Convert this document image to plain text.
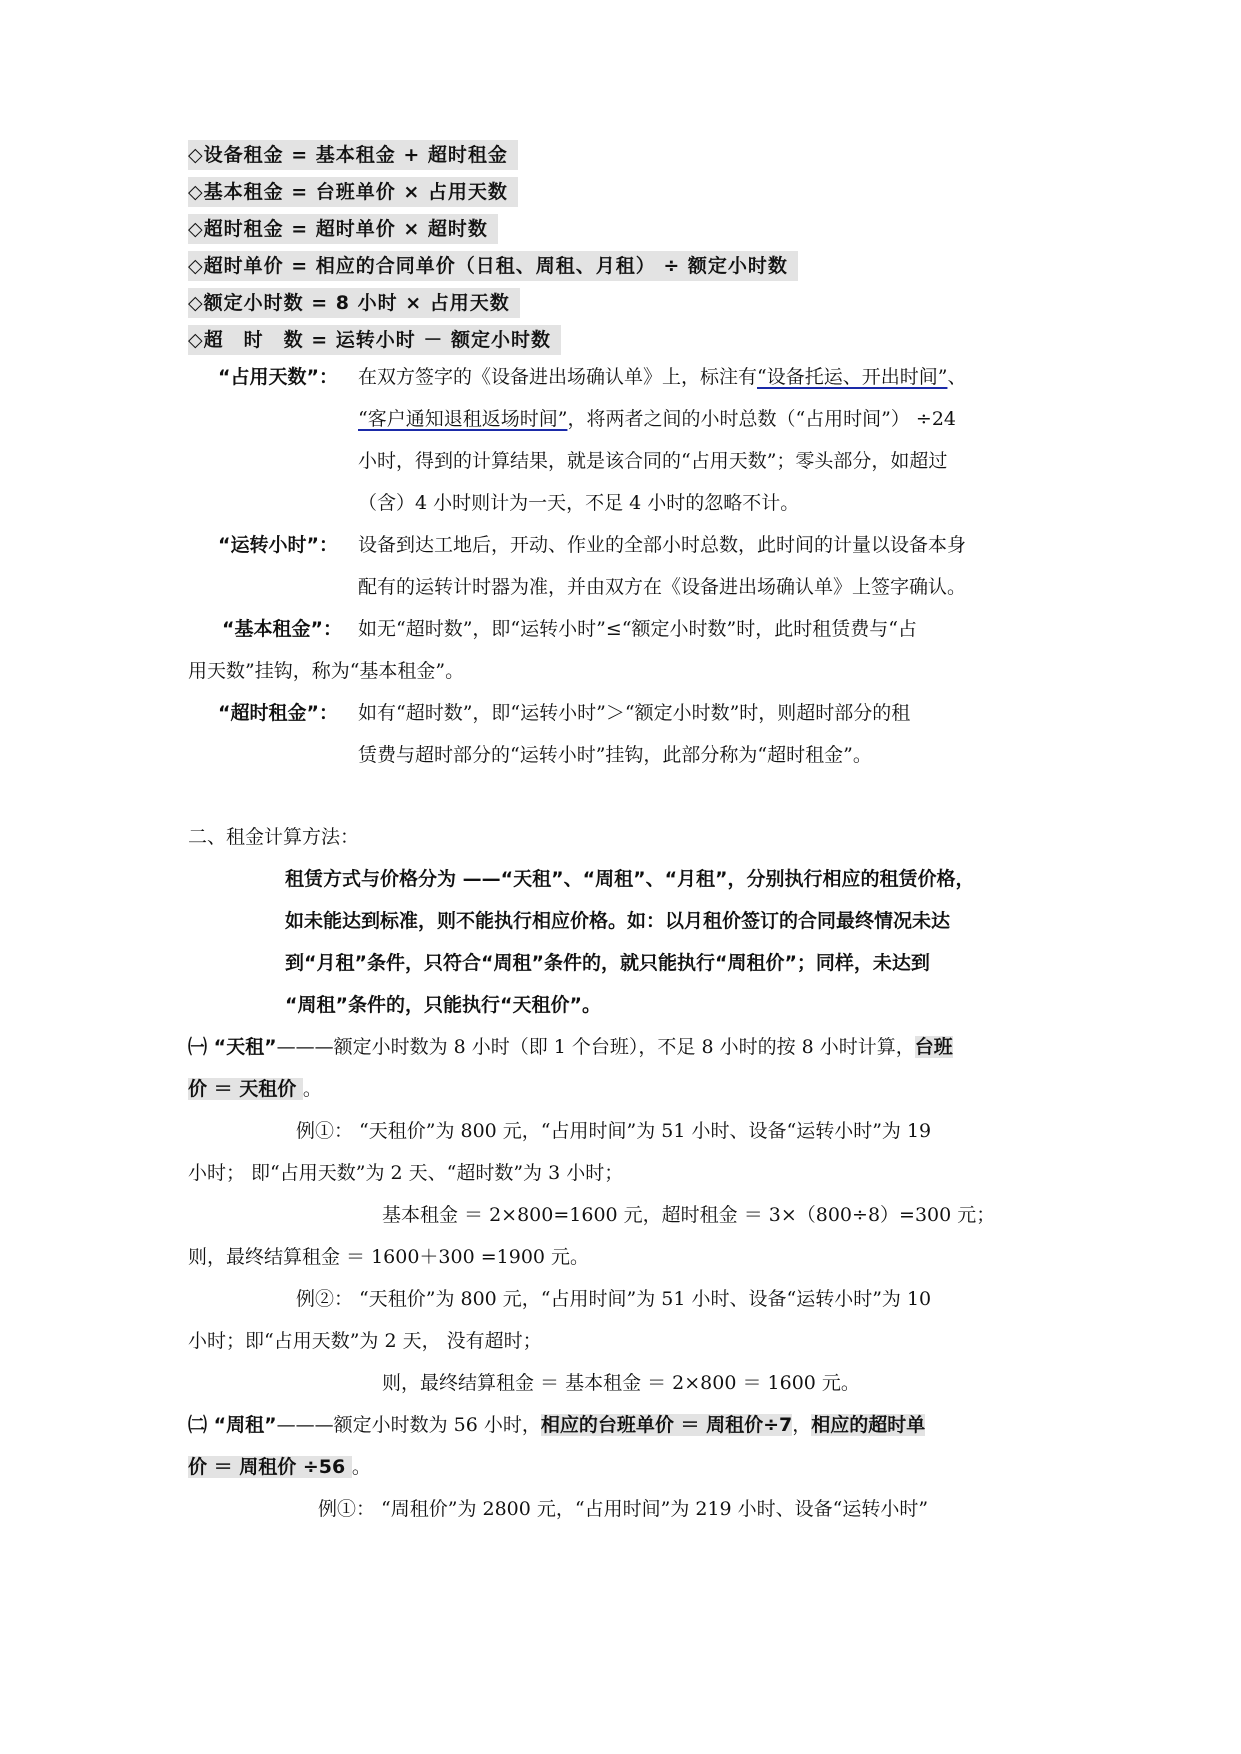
◇设备租金 = 基本租金 + 超时租金
◇基本租金 = 台班单价 × 占用天数
◇超时租金 = 超时单价 × 超时数
◇超时单价 = 相应的合同单价（日租、周租、月租） ÷ 额定小时数
◇额定小时数 = 8 小时 × 占用天数
◇超　时　数 = 运转小时 － 额定小时数
“占用天数”： 在双方签字的《设备进出场确认单》上，标注有“设备托运、开出时间”、
“客户通知退租返场时间”，将两者之间的小时总数（“占用时间”） ÷24
小时，得到的计算结果，就是该合同的“占用天数”；零头部分，如超过
（含）4 小时则计为一天，不足 4 小时的忽略不计。
“运转小时”： 设备到达工地后，开动、作业的全部小时总数，此时间的计量以设备本身
配有的运转计时器为准，并由双方在《设备进出场确认单》上签字确认。
“基本租金”： 如无“超时数”，即“运转小时”≤“额定小时数”时，此时租赁费与“占
用天数”挂钩，称为“基本租金”。
“超时租金”： 如有“超时数”，即“运转小时”＞“额定小时数”时，则超时部分的租
赁费与超时部分的“运转小时”挂钩，此部分称为“超时租金”。
二、租金计算方法：
租赁方式与价格分为 ——“天租”、“周租”、“月租”，分别执行相应的租赁价格，
如未能达到标准，则不能执行相应价格。如：以月租价签订的合同最终情况未达
到“月租”条件，只符合“周租”条件的，就只能执行“周租价”；同样，未达到
“周租”条件的，只能执行“天租价”。
㈠ “天租”———额定小时数为 8 小时（即 1 个台班），不足 8 小时的按 8 小时计算，台班
价 ＝ 天租价 。
例①： “天租价”为 800 元，“占用时间”为 51 小时、设备“运转小时”为 19
小时； 即“占用天数”为 2 天、“超时数”为 3 小时；
基本租金 ＝ 2×800=1600 元，超时租金 ＝ 3×（800÷8）=300 元；
则，最终结算租金 ＝ 1600＋300 =1900 元。
例②： “天租价”为 800 元，“占用时间”为 51 小时、设备“运转小时”为 10
小时；即“占用天数”为 2 天， 没有超时；
则，最终结算租金 ＝ 基本租金 ＝ 2×800 ＝ 1600 元。
㈡ “周租”———额定小时数为 56 小时，相应的台班单价 ＝ 周租价÷7，相应的超时单
价 ＝ 周租价 ÷56 。
例①： “周租价”为 2800 元，“占用时间”为 219 小时、设备“运转小时”
